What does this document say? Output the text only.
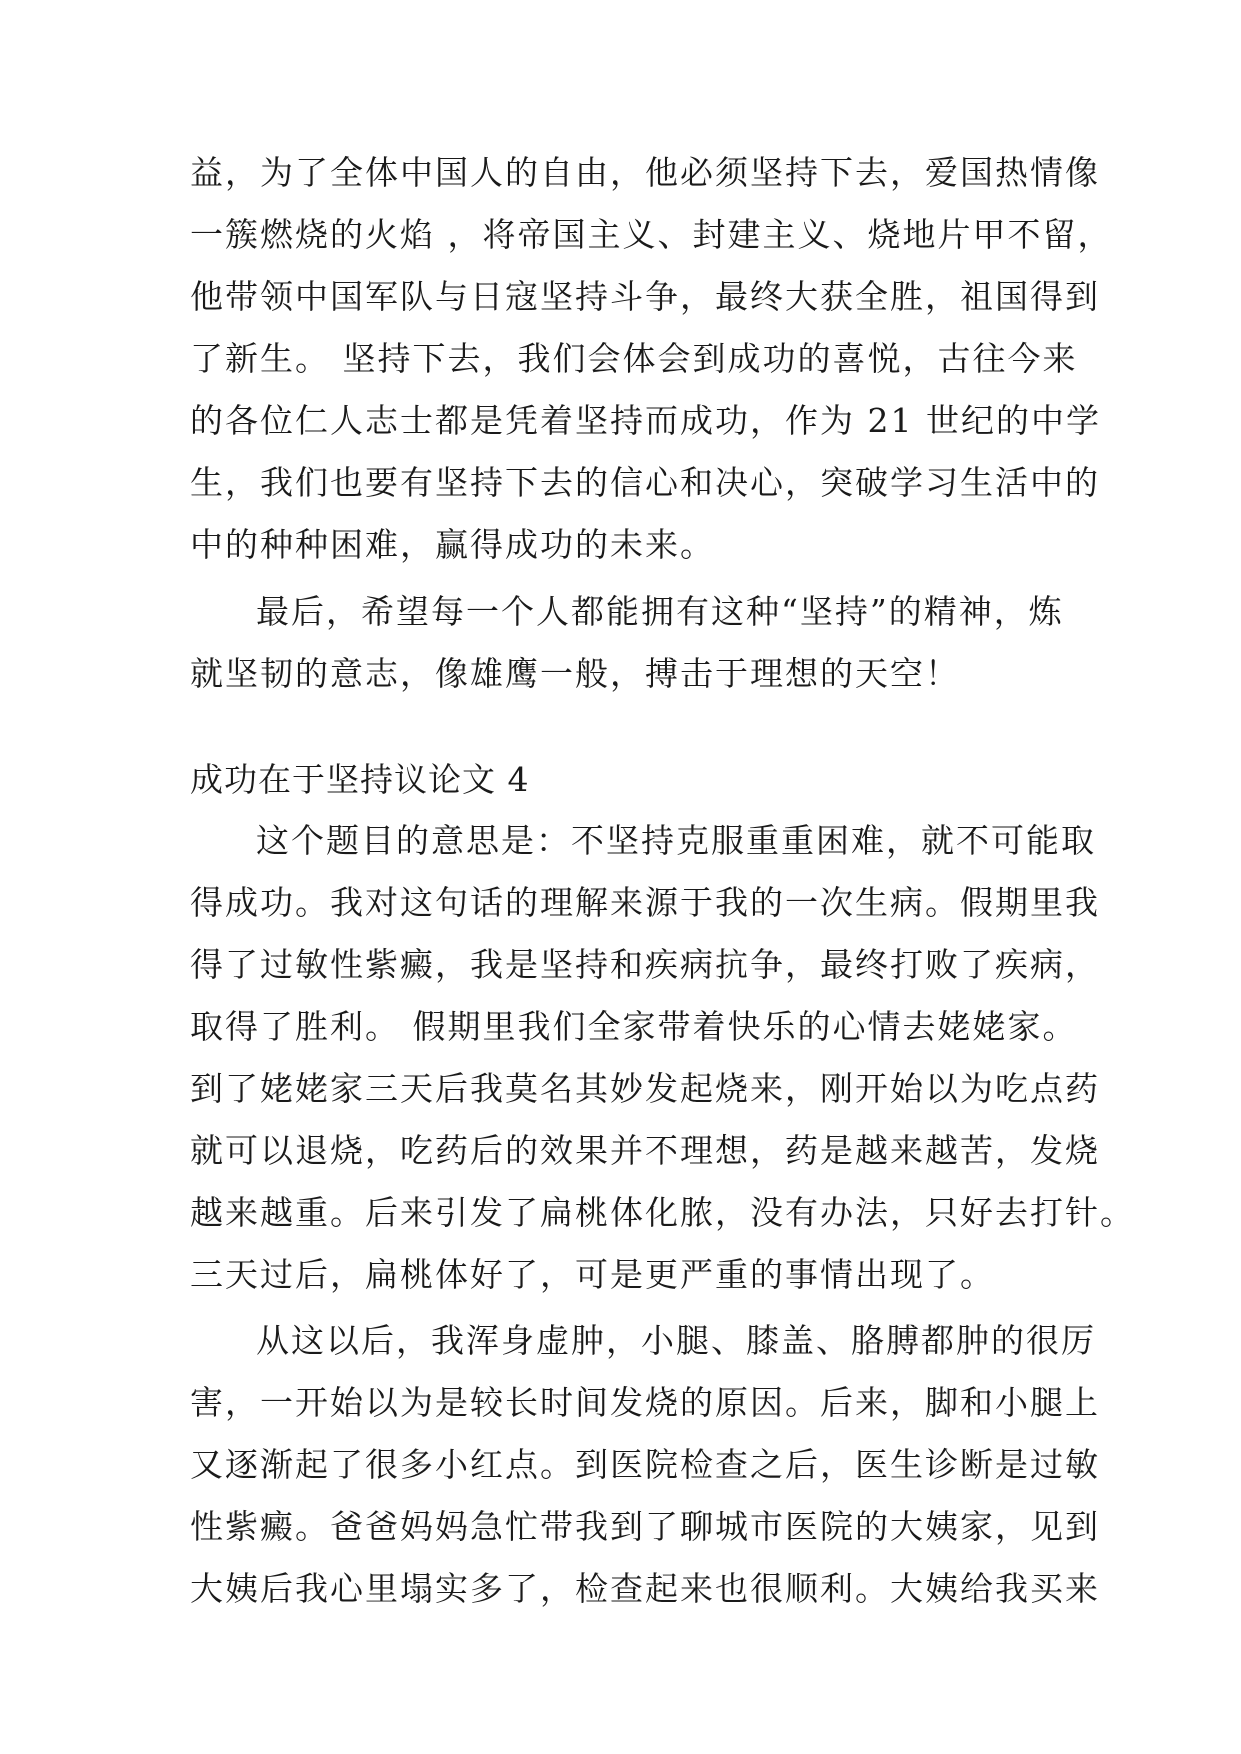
益，为了全体中国人的自由，他必须坚持下去，爱国热情像
一簇燃烧的火焰 ，将帝国主义、封建主义、烧地片甲不留，
他带领中国军队与日寇坚持斗争，最终大获全胜，祖国得到
了新生。 坚持下去，我们会体会到成功的喜悦，古往今来
的各位仁人志士都是凭着坚持而成功，作为 21 世纪的中学
生，我们也要有坚持下去的信心和决心，突破学习生活中的
中的种种困难，赢得成功的未来。
最后，希望每一个人都能拥有这种“坚持”的精神，炼
就坚韧的意志，像雄鹰一般，搏击于理想的天空！
成功在于坚持议论文 4
这个题目的意思是：不坚持克服重重困难，就不可能取
得成功。我对这句话的理解来源于我的一次生病。假期里我
得了过敏性紫癜，我是坚持和疾病抗争，最终打败了疾病，
取得了胜利。 假期里我们全家带着快乐的心情去姥姥家。
到了姥姥家三天后我莫名其妙发起烧来，刚开始以为吃点药
就可以退烧，吃药后的效果并不理想，药是越来越苦，发烧
越来越重。后来引发了扁桃体化脓，没有办法，只好去打针。
三天过后，扁桃体好了，可是更严重的事情出现了。
从这以后，我浑身虚肿，小腿、膝盖、胳膊都肿的很厉
害，一开始以为是较长时间发烧的原因。后来，脚和小腿上
又逐渐起了很多小红点。到医院检查之后，医生诊断是过敏
性紫癜。爸爸妈妈急忙带我到了聊城市医院的大姨家，见到
大姨后我心里塌实多了，检查起来也很顺利。大姨给我买来
